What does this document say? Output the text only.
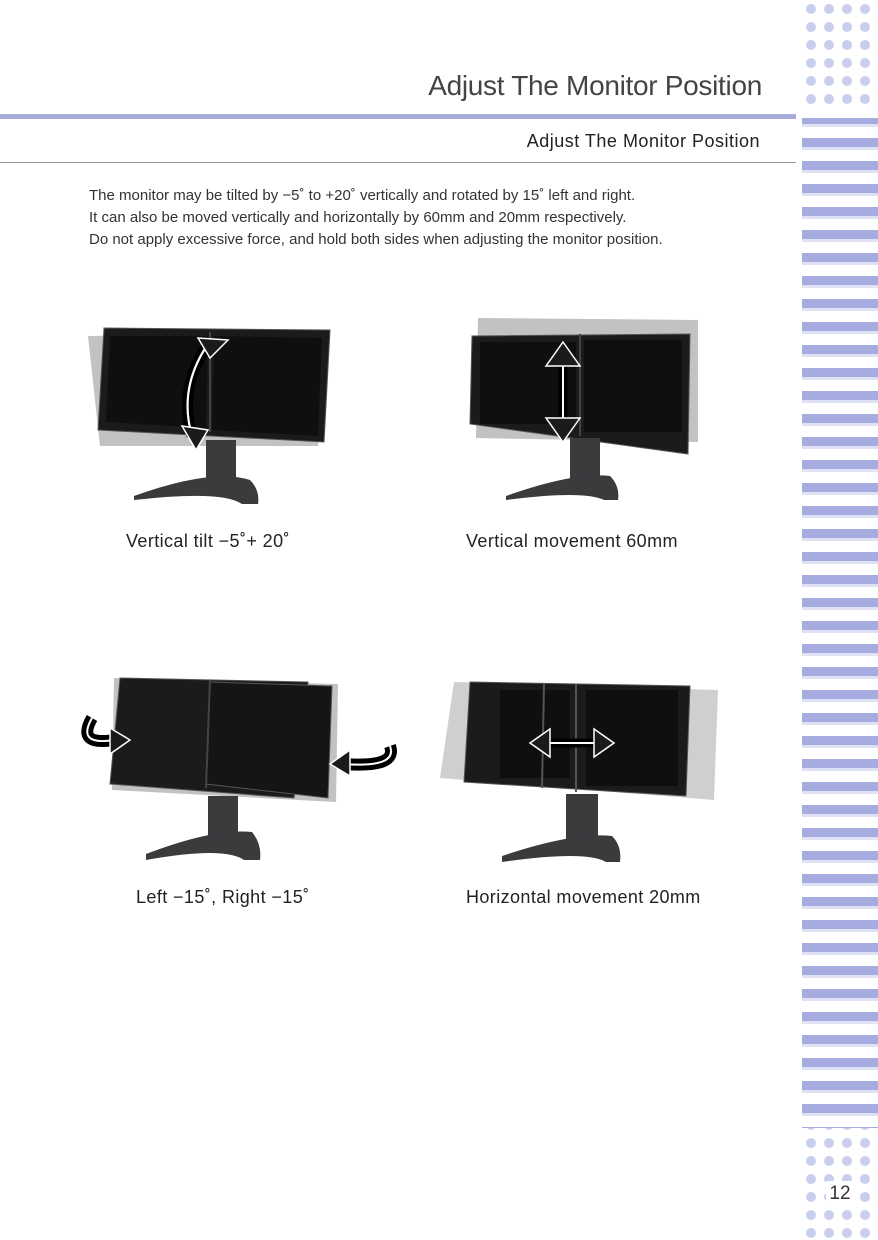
Adjust The Monitor Position
Adjust The Monitor Position

The monitor may be tilted by −5˚ to +20˚ vertically and rotated by 15˚ left and right.

It can also be moved vertically and horizontally by 60mm and 20mm respectively.

Do not apply excessive force, and hold both sides when adjusting the monitor position.

Vertical tilt −5˚+ 20˚	Vertical movement 60mm
Left −15˚, Right −15˚	Horizontal movement 20mm
12
